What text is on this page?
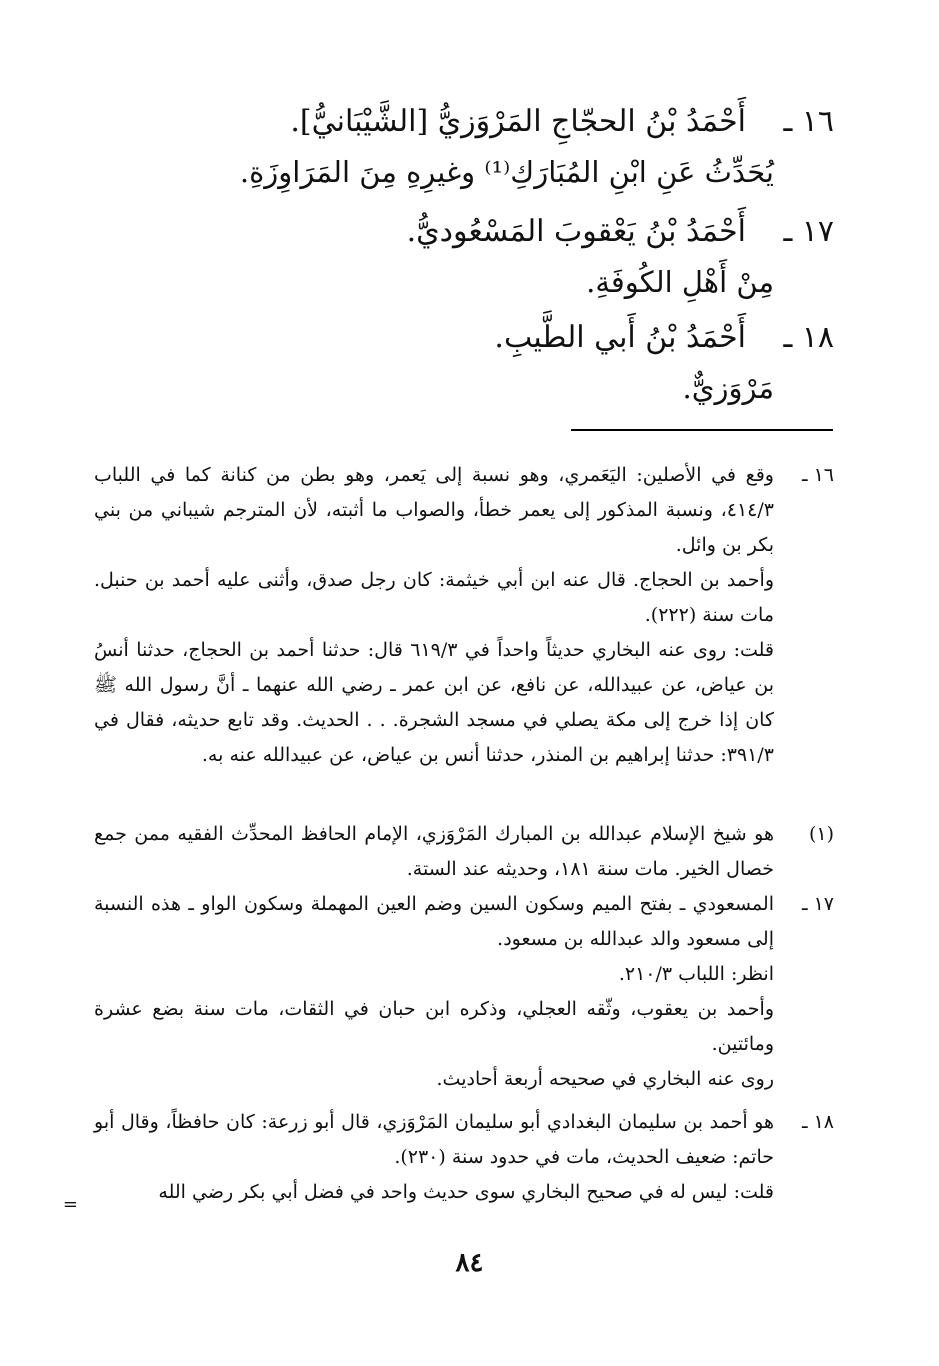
١٦ ـ
أَحْمَدُ بْنُ الحجّاجِ المَرْوَزيُّ [الشَّيْبَانيُّ].
يُحَدِّثُ عَنِ ابْنِ المُبَارَكِ⁽¹⁾ وغيرِهِ مِنَ المَرَاوِزَةِ.
١٧ ـ
أَحْمَدُ بْنُ يَعْقوبَ المَسْعُوديُّ.
مِنْ أَهْلِ الكُوفَةِ.
١٨ ـ
أَحْمَدُ بْنُ أَبي الطَّيبِ.
مَرْوَزيٌّ.
١٦ ـ

وقع في الأصلين: اليَعَمري، وهو نسبة إلى يَعمر، وهو بطن من كنانة كما في اللباب ٤١٤/٣، ونسبة المذكور إلى يعمر خطأ، والصواب ما أثبته، لأن المترجم شيباني من بني بكر بن وائل.

وأحمد بن الحجاج. قال عنه ابن أبي خيثمة: كان رجل صدق، وأثنى عليه أحمد بن حنبل. مات سنة (٢٢٢).

قلت: روى عنه البخاري حديثاً واحداً في ٦١٩/٣ قال: حدثنا أحمد بن الحجاج، حدثنا أنسُ بن عياض، عن عبيدالله، عن نافع، عن ابن عمر ـ رضي الله عنهما ـ أنَّ رسول الله ﷺ كان إذا خرج إلى مكة يصلي في مسجد الشجرة. . . الحديث. وقد تابع حديثه، فقال في ٣٩١/٣: حدثنا إبراهيم بن المنذر، حدثنا أنس بن عياض، عن عبيدالله عنه به.

(١)

هو شيخ الإسلام عبدالله بن المبارك المَرْوَزي، الإمام الحافظ المحدِّث الفقيه ممن جمع خصال الخير. مات سنة ١٨١، وحديثه عند الستة.

١٧ ـ

المسعودي ـ بفتح الميم وسكون السين وضم العين المهملة وسكون الواو ـ هذه النسبة إلى مسعود والد عبدالله بن مسعود.

انظر: اللباب ٢١٠/٣.

وأحمد بن يعقوب، وثّقه العجلي، وذكره ابن حبان في الثقات، مات سنة بضع عشرة ومائتين.

روى عنه البخاري في صحيحه أربعة أحاديث.

١٨ ـ

هو أحمد بن سليمان البغدادي أبو سليمان المَرْوَزي، قال أبو زرعة: كان حافظاً، وقال أبو حاتم: ضعيف الحديث، مات في حدود سنة (٢٣٠).

قلت: ليس له في صحيح البخاري سوى حديث واحد في فضل أبي بكر رضي الله

=
٨٤
